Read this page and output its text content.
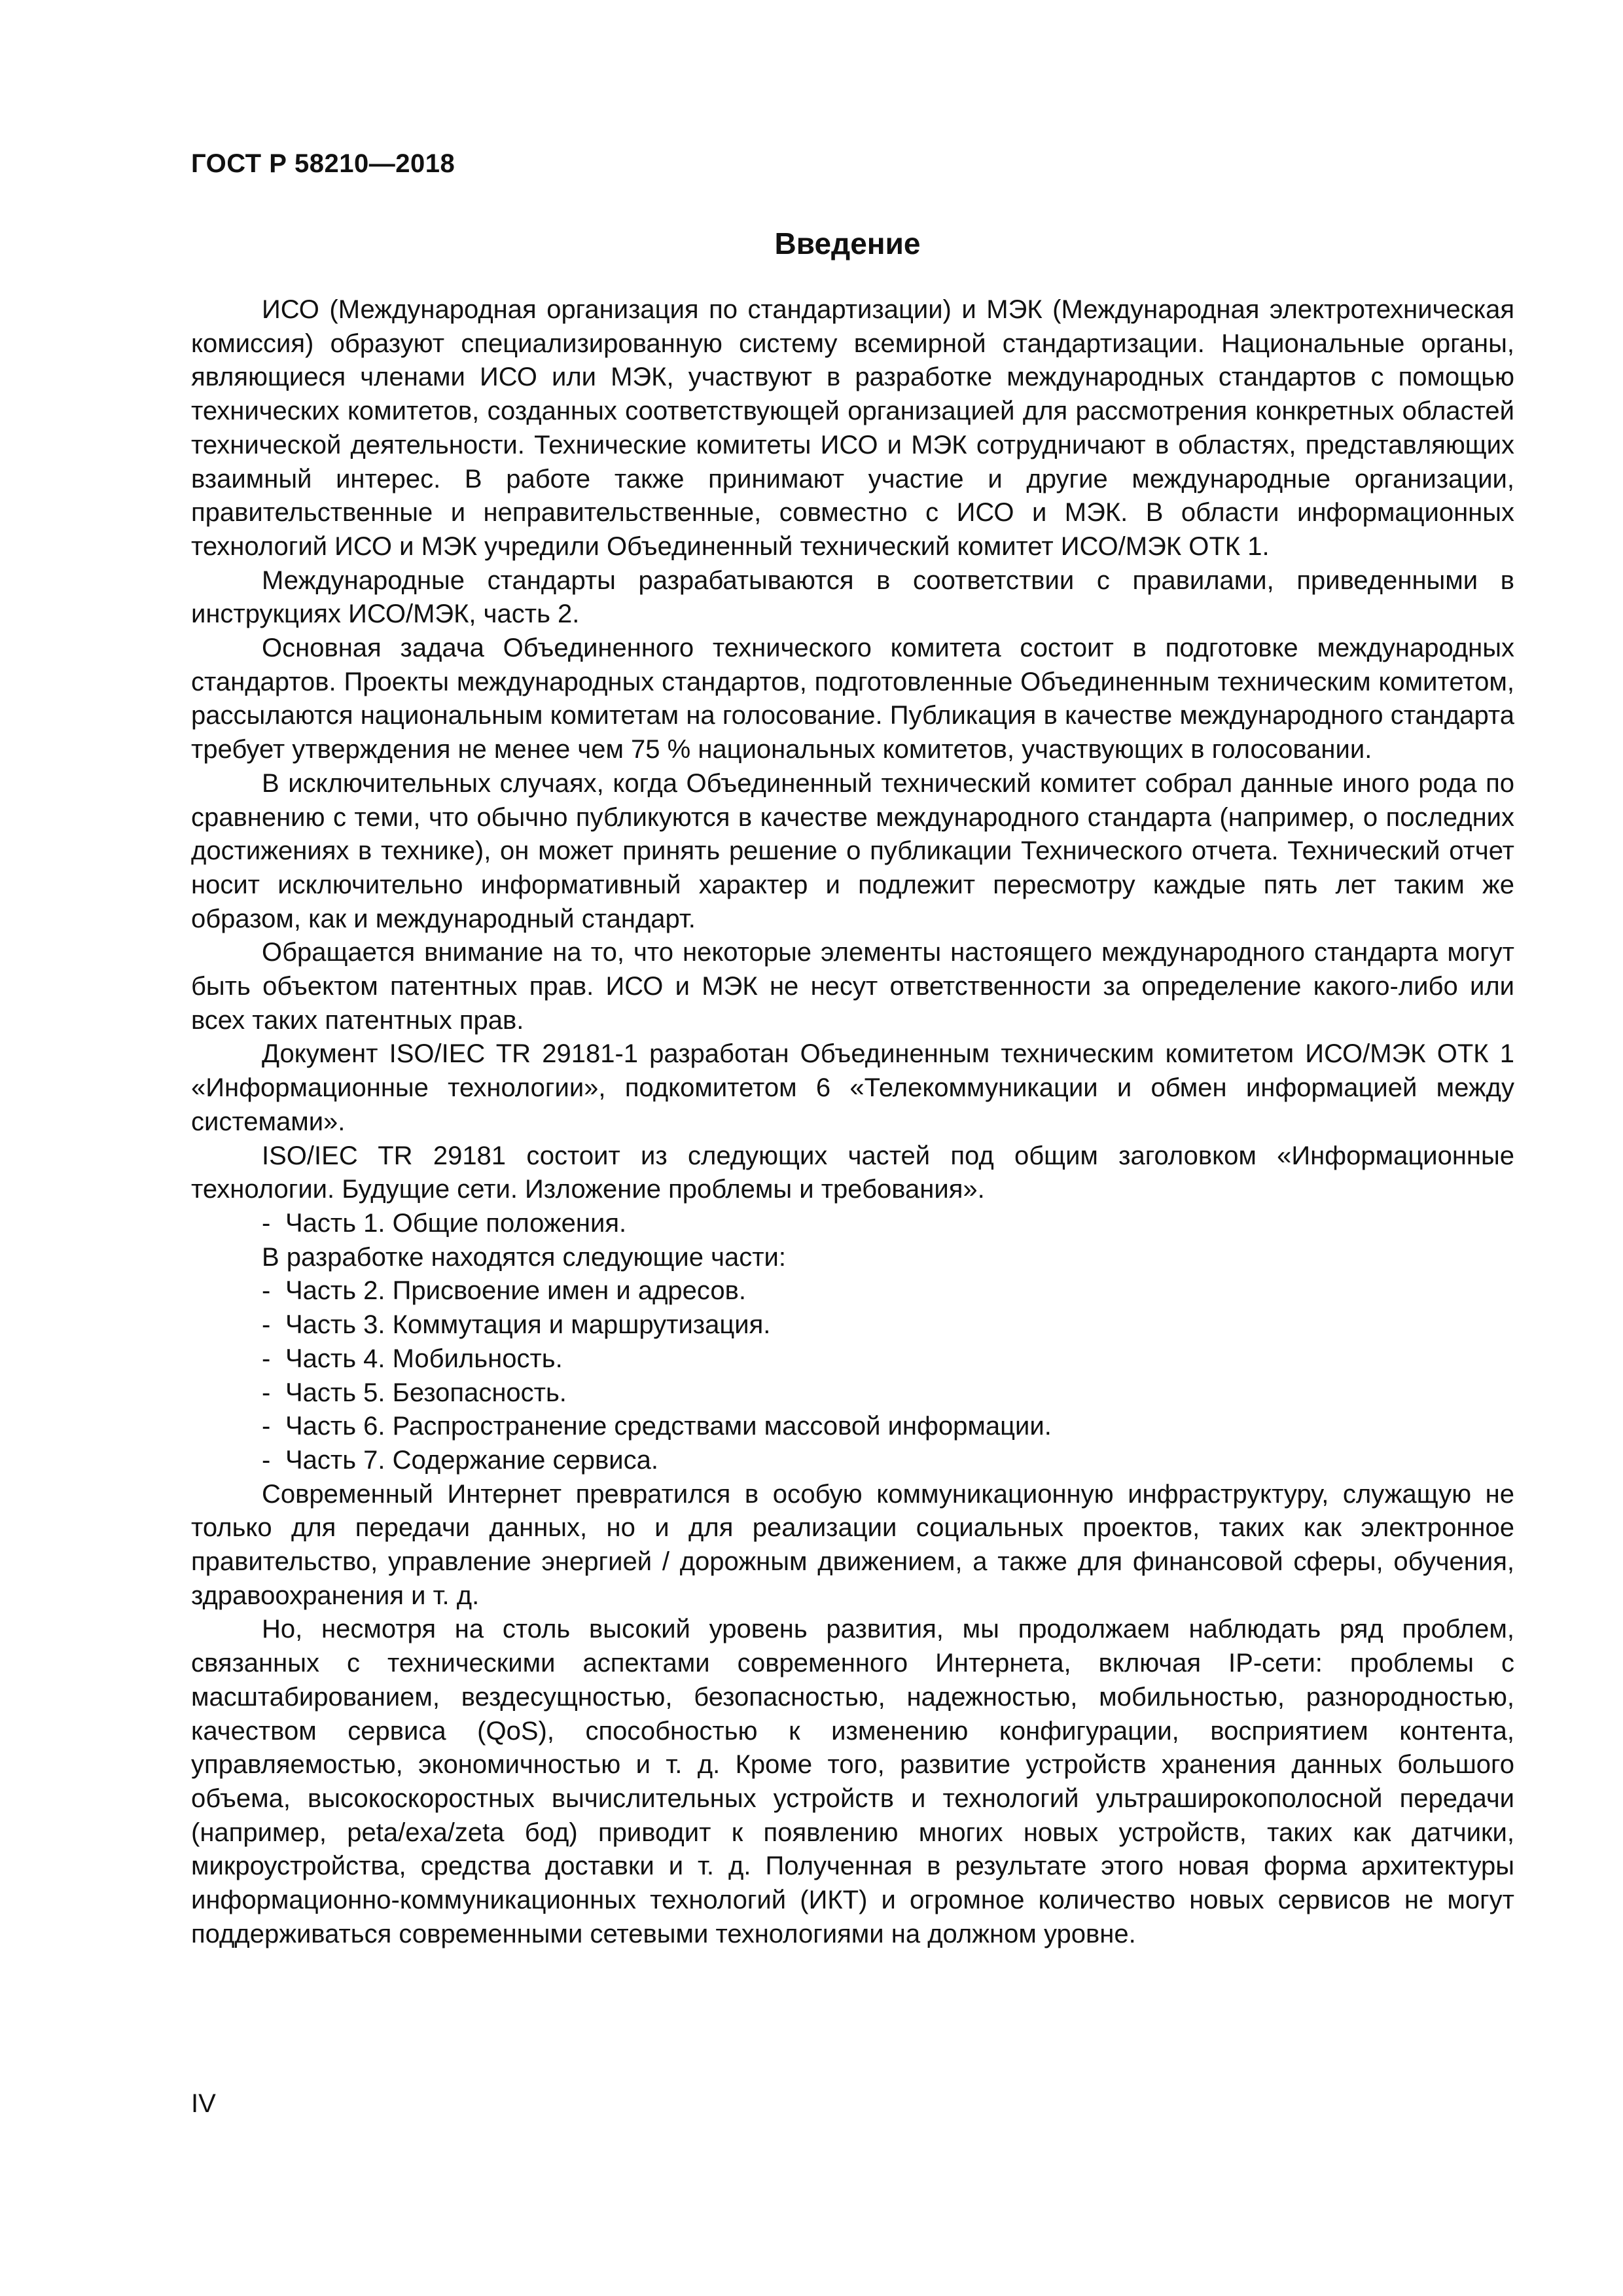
ГОСТ Р 58210—2018
Введение

ИСО (Международная организация по стандартизации) и МЭК (Международная электротехническая комиссия) образуют специализированную систему всемирной стандартизации. Национальные органы, являющиеся членами ИСО или МЭК, участвуют в разработке международных стандартов с помощью технических комитетов, созданных соответствующей организацией для рассмотрения конкретных областей технической деятельности. Технические комитеты ИСО и МЭК сотрудничают в областях, представляющих взаимный интерес. В работе также принимают участие и другие международные организации, правительственные и неправительственные, совместно с ИСО и МЭК. В области информационных технологий ИСО и МЭК учредили Объединенный технический комитет ИСО/МЭК ОТК 1.

Международные стандарты разрабатываются в соответствии с правилами, приведенными в инструкциях ИСО/МЭК, часть 2.

Основная задача Объединенного технического комитета состоит в подготовке международных стандартов. Проекты международных стандартов, подготовленные Объединенным техническим комитетом, рассылаются национальным комитетам на голосование. Публикация в качестве международного стандарта требует утверждения не менее чем 75 % национальных комитетов, участвующих в голосовании.

В исключительных случаях, когда Объединенный технический комитет собрал данные иного рода по сравнению с теми, что обычно публикуются в качестве международного стандарта (например, о последних достижениях в технике), он может принять решение о публикации Технического отчета. Технический отчет носит исключительно информативный характер и подлежит пересмотру каждые пять лет таким же образом, как и международный стандарт.

Обращается внимание на то, что некоторые элементы настоящего международного стандарта могут быть объектом патентных прав. ИСО и МЭК не несут ответственности за определение какого-либо или всех таких патентных прав.

Документ ISO/IEC TR 29181-1 разработан Объединенным техническим комитетом ИСО/МЭК ОТК 1 «Информационные технологии», подкомитетом 6 «Телекоммуникации и обмен информацией между системами».

ISO/IEC TR 29181 состоит из следующих частей под общим заголовком «Информационные технологии. Будущие сети. Изложение проблемы и требования».

- Часть 1. Общие положения.

В разработке находятся следующие части:

- Часть 2. Присвоение имен и адресов.

- Часть 3. Коммутация и маршрутизация.

- Часть 4. Мобильность.

- Часть 5. Безопасность.

- Часть 6. Распространение средствами массовой информации.

- Часть 7. Содержание сервиса.

Современный Интернет превратился в особую коммуникационную инфраструктуру, служащую не только для передачи данных, но и для реализации социальных проектов, таких как электронное правительство, управление энергией / дорожным движением, а также для финансовой сферы, обучения, здравоохранения и т. д.

Но, несмотря на столь высокий уровень развития, мы продолжаем наблюдать ряд проблем, связанных с техническими аспектами современного Интернета, включая IP-сети: проблемы с масштабированием, вездесущностью, безопасностью, надежностью, мобильностью, разнородностью, качеством сервиса (QoS), способностью к изменению конфигурации, восприятием контента, управляемостью, экономичностью и т. д. Кроме того, развитие устройств хранения данных большого объема, высокоскоростных вычислительных устройств и технологий ультраширокополосной передачи (например, peta/exa/zeta бод) приводит к появлению многих новых устройств, таких как датчики, микроустройства, средства доставки и т. д. Полученная в результате этого новая форма архитектуры информационно-коммуникационных технологий (ИКТ) и огромное количество новых сервисов не могут поддерживаться современными сетевыми технологиями на должном уровне.

IV
